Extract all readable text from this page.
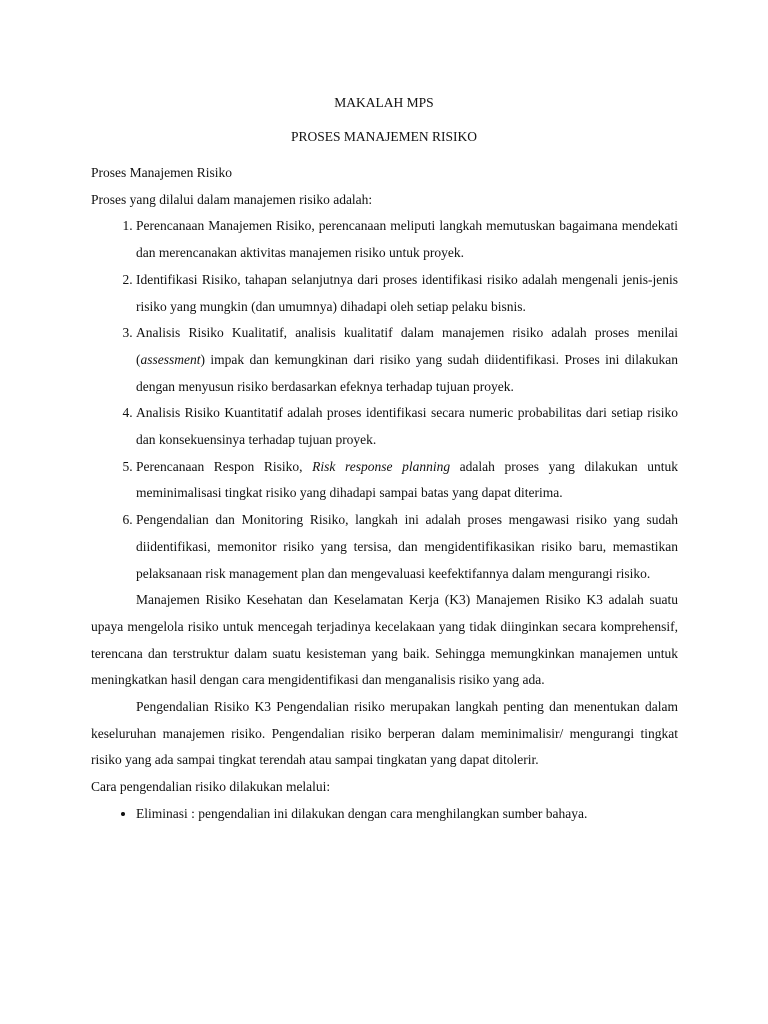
MAKALAH MPS
PROSES MANAJEMEN RISIKO

Proses Manajemen Risiko

Proses yang dilalui dalam manajemen risiko adalah:

1. Perencanaan Manajemen Risiko, perencanaan meliputi langkah memutuskan bagaimana mendekati dan merencanakan aktivitas manajemen risiko untuk proyek.
2. Identifikasi Risiko, tahapan selanjutnya dari proses identifikasi risiko adalah mengenali jenis-jenis risiko yang mungkin (dan umumnya) dihadapi oleh setiap pelaku bisnis.
3. Analisis Risiko Kualitatif, analisis kualitatif dalam manajemen risiko adalah proses menilai (assessment) impak dan kemungkinan dari risiko yang sudah diidentifikasi. Proses ini dilakukan dengan menyusun risiko berdasarkan efeknya terhadap tujuan proyek.
4. Analisis Risiko Kuantitatif adalah proses identifikasi secara numeric probabilitas dari setiap risiko dan konsekuensinya terhadap tujuan proyek.
5. Perencanaan Respon Risiko, Risk response planning adalah proses yang dilakukan untuk meminimalisasi tingkat risiko yang dihadapi sampai batas yang dapat diterima.
6. Pengendalian dan Monitoring Risiko, langkah ini adalah proses mengawasi risiko yang sudah diidentifikasi, memonitor risiko yang tersisa, dan mengidentifikasikan risiko baru, memastikan pelaksanaan risk management plan dan mengevaluasi keefektifannya dalam mengurangi risiko.

Manajemen Risiko Kesehatan dan Keselamatan Kerja (K3) Manajemen Risiko K3 adalah suatu upaya mengelola risiko untuk mencegah terjadinya kecelakaan yang tidak diinginkan secara komprehensif, terencana dan terstruktur dalam suatu kesisteman yang baik. Sehingga memungkinkan manajemen untuk meningkatkan hasil dengan cara mengidentifikasi dan menganalisis risiko yang ada.

Pengendalian Risiko K3 Pengendalian risiko merupakan langkah penting dan menentukan dalam keseluruhan manajemen risiko. Pengendalian risiko berperan dalam meminimalisir/ mengurangi tingkat risiko yang ada sampai tingkat terendah atau sampai tingkatan yang dapat ditolerir.

Cara pengendalian risiko dilakukan melalui:

• Eliminasi : pengendalian ini dilakukan dengan cara menghilangkan sumber bahaya.
